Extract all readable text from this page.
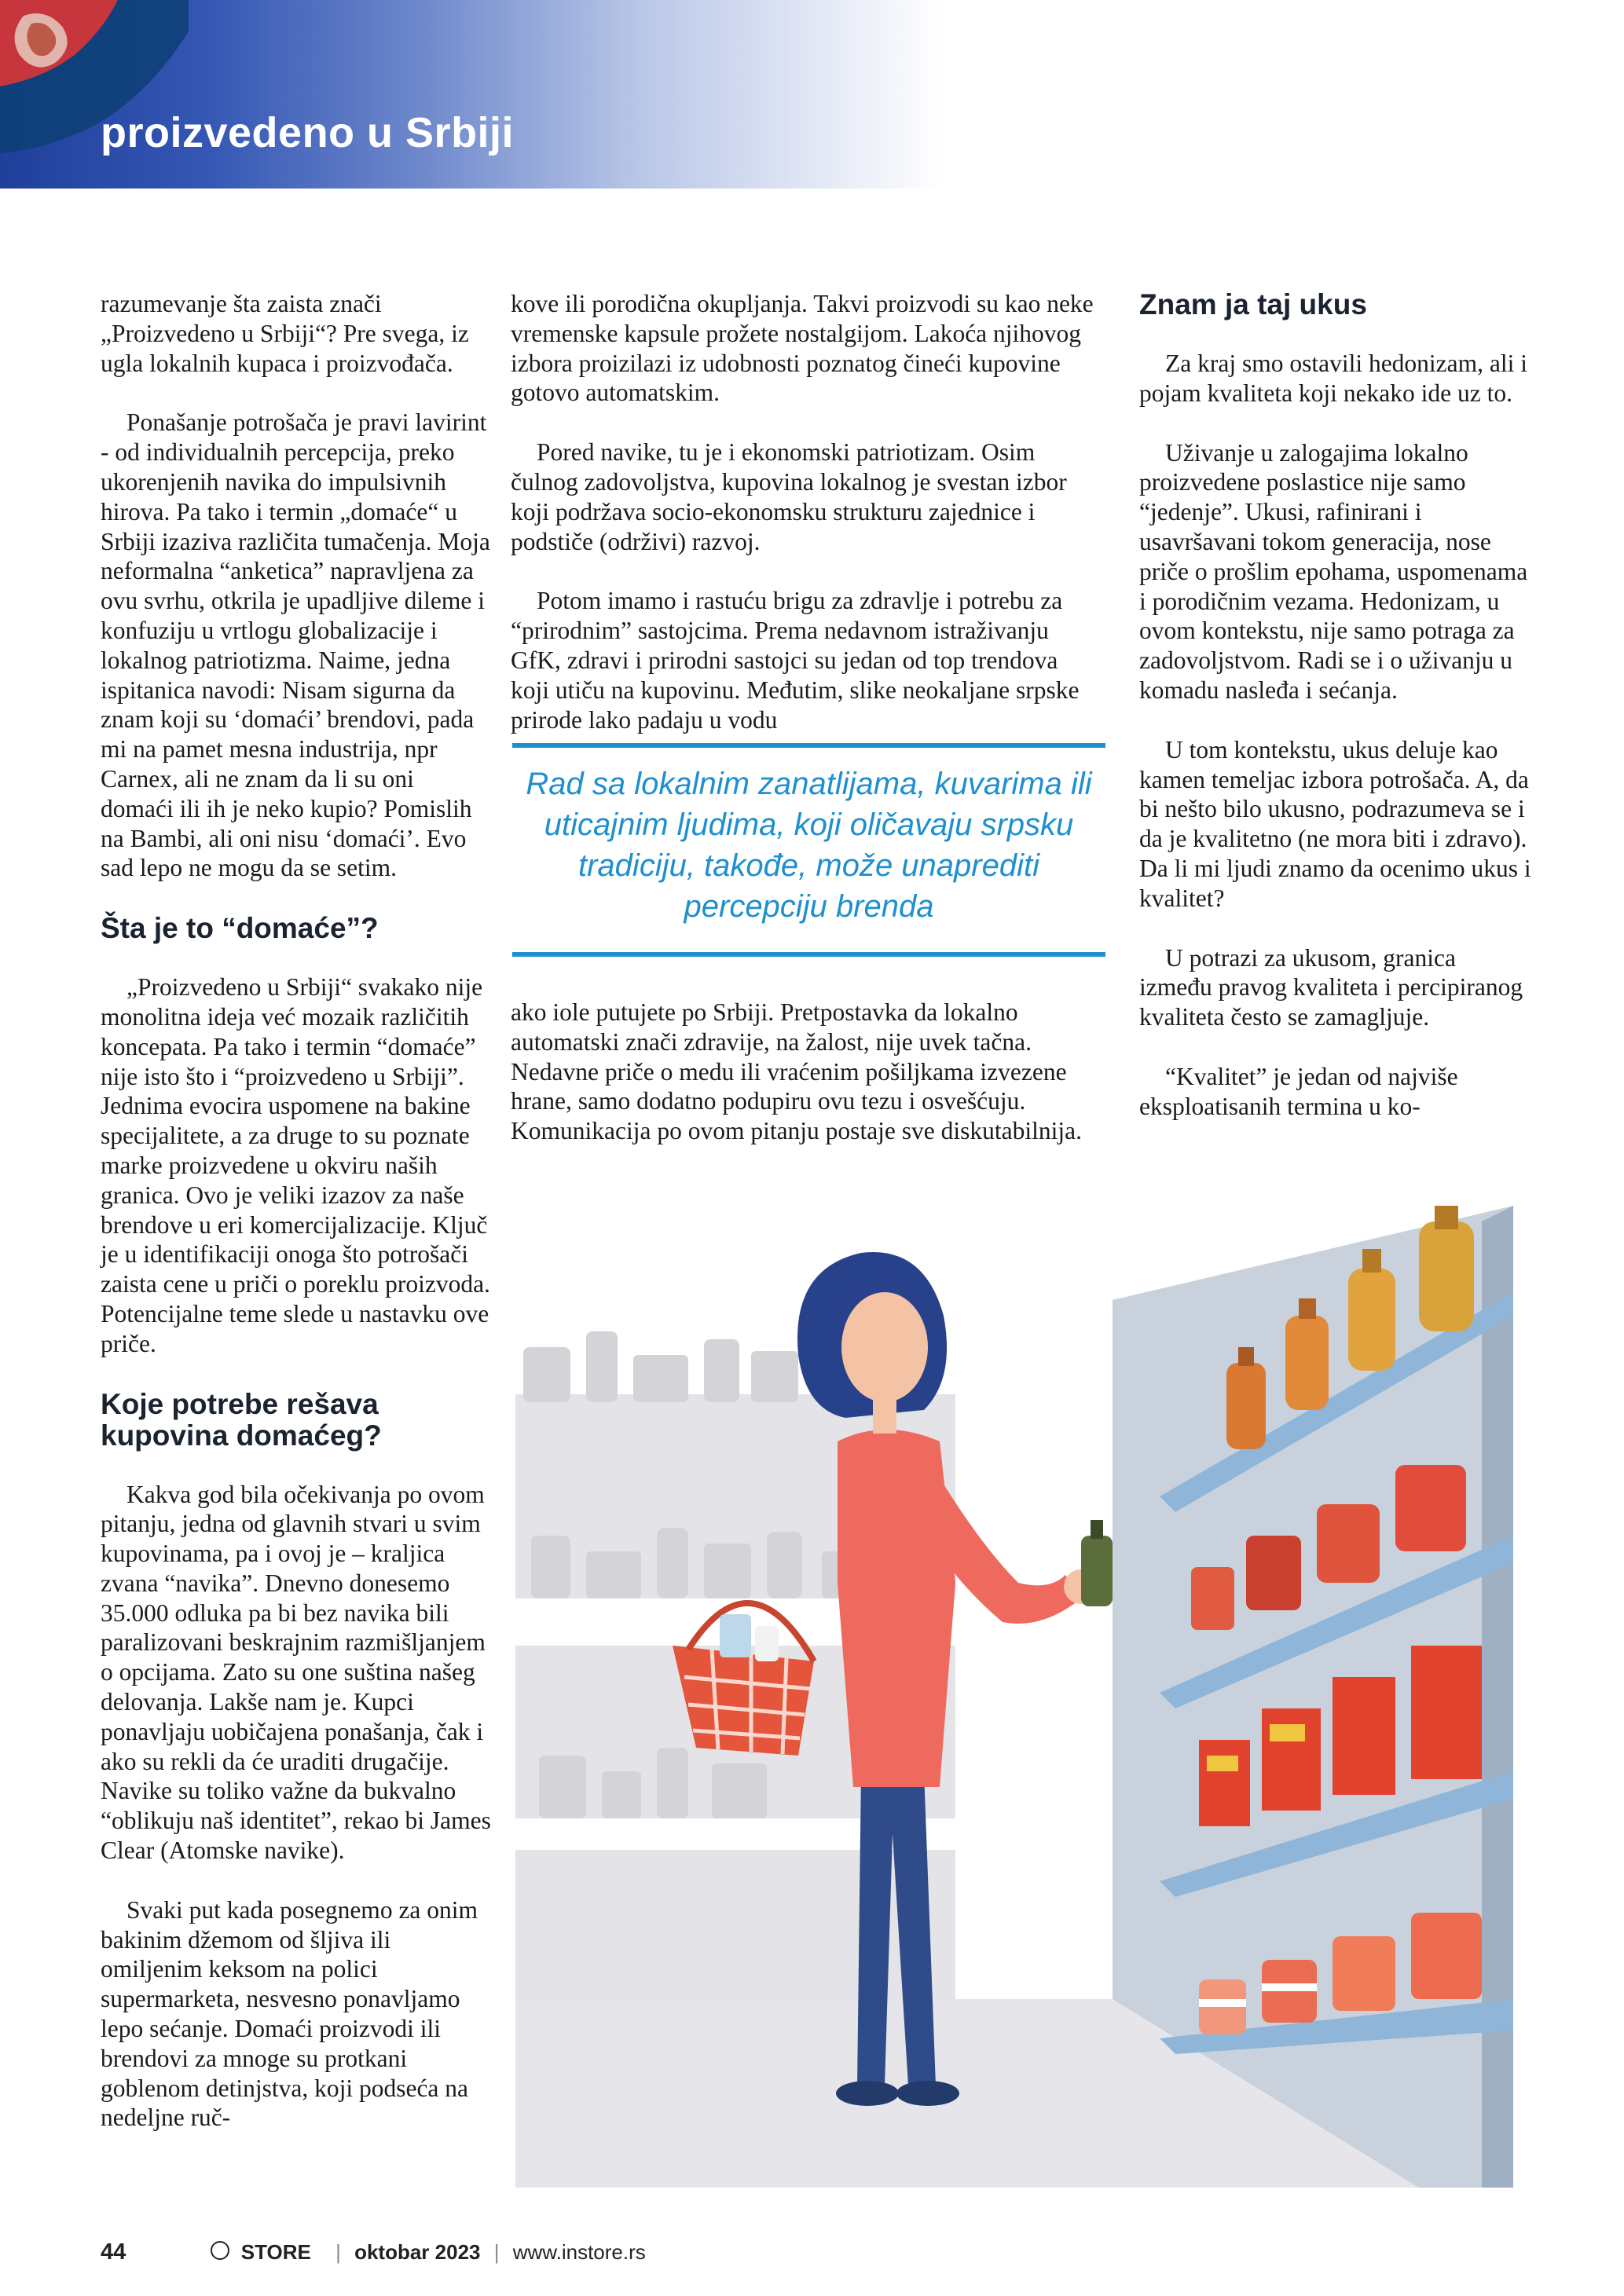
proizvedeno u Srbiji

razumevanje šta zaista znači „Proizvedeno u Srbiji“? Pre svega, iz ugla lokalnih kupaca i proizvođača.

Ponašanje potrošača je pravi lavirint - od individualnih percepcija, preko ukorenjenih navika do impulsivnih hirova. Pa tako i termin „domaće“ u Srbiji izaziva različita tumačenja. Moja neformalna “anketica” napravljena za ovu svrhu, otkrila je upadljive dileme i konfuziju u vrtlogu globalizacije i lokalnog patriotizma. Naime, jedna ispitanica navodi: Nisam sigurna da znam koji su ‘domaći’ brendovi, pada mi na pamet mesna industrija, npr Carnex, ali ne znam da li su oni domaći ili ih je neko kupio? Pomislih na Bambi, ali oni nisu ‘domaći’. Evo sad lepo ne mogu da se setim.

Šta je to “domaće”?

„Proizvedeno u Srbiji“ svakako nije monolitna ideja već mozaik različitih koncepata. Pa tako i termin “domaće” nije isto što i “proizvedeno u Srbiji”. Jednima evocira uspomene na bakine specijalitete, a za druge to su poznate marke proizvedene u okviru naših granica. Ovo je veliki izazov za naše brendove u eri komercijalizacije. Ključ je u identifikaciji onoga što potrošači zaista cene u priči o poreklu proizvoda. Potencijalne teme slede u nastavku ove priče.

Koje potrebe rešava kupovina domaćeg?

Kakva god bila očekivanja po ovom pitanju, jedna od glavnih stvari u svim kupovinama, pa i ovoj je – kraljica zvana “navika”. Dnevno donesemo 35.000 odluka pa bi bez navika bili paralizovani beskrajnim razmišljanjem o opcijama. Zato su one suština našeg delovanja. Lakše nam je. Kupci ponavljaju uobičajena ponašanja, čak i ako su rekli da će uraditi drugačije. Navike su toliko važne da bukvalno “oblikuju naš identitet”, rekao bi James Clear (Atomske navike).

Svaki put kada posegnemo za onim bakinim džemom od šljiva ili omiljenim keksom na polici supermarketa, nesvesno ponavljamo lepo sećanje. Domaći proizvodi ili brendovi za mnoge su protkani goblenom detinjstva, koji podseća na nedeljne ruč-

kove ili porodična okupljanja. Takvi proizvodi su kao neke vremenske kapsule prožete nostalgijom. Lakoća njihovog izbora proizilazi iz udobnosti poznatog čineći kupovine gotovo automatskim.

Pored navike, tu je i ekonomski patriotizam. Osim čulnog zadovoljstva, kupovina lokalnog je svestan izbor koji podržava socio-ekonomsku strukturu zajednice i podstiče (održivi) razvoj.

Potom imamo i rastuću brigu za zdravlje i potrebu za “prirodnim” sastojcima. Prema nedavnom istraživanju GfK, zdravi i prirodni sastojci su jedan od top trendova koji utiču na kupovinu. Međutim, slike neokaljane srpske prirode lako padaju u vodu

Rad sa lokalnim zanatlijama, kuvarima ili uticajnim ljudima, koji oličavaju srpsku tradiciju, takođe, može unaprediti percepciju brenda

ako iole putujete po Srbiji. Pretpostavka da lokalno automatski znači zdravije, na žalost, nije uvek tačna. Nedavne priče o medu ili vraćenim pošiljkama izvezene hrane, samo dodatno podupiru ovu tezu i osvešćuju. Komunikacija po ovom pitanju postaje sve diskutabilnija.

Znam ja taj ukus

Za kraj smo ostavili hedonizam, ali i pojam kvaliteta koji nekako ide uz to.

Uživanje u zalogajima lokalno proizvedene poslastice nije samo “jedenje”. Ukusi, rafinirani i usavršavani tokom generacija, nose priče o prošlim epohama, uspomenama i porodičnim vezama. Hedonizam, u ovom kontekstu, nije samo potraga za zadovoljstvom. Radi se i o uživanju u komadu nasleđa i sećanja.

U tom kontekstu, ukus deluje kao kamen temeljac izbora potrošača. A, da bi nešto bilo ukusno, podrazumeva se i da je kvalitetno (ne mora biti i zdravo). Da li mi ljudi znamo da ocenimo ukus i kvalitet?

U potrazi za ukusom, granica između pravog kvaliteta i percipiranog kvaliteta često se zamagljuje.

“Kvalitet” je jedan od najviše eksploatisanih termina u ko-

44	STORE | oktobar 2023 | www.instore.rs
